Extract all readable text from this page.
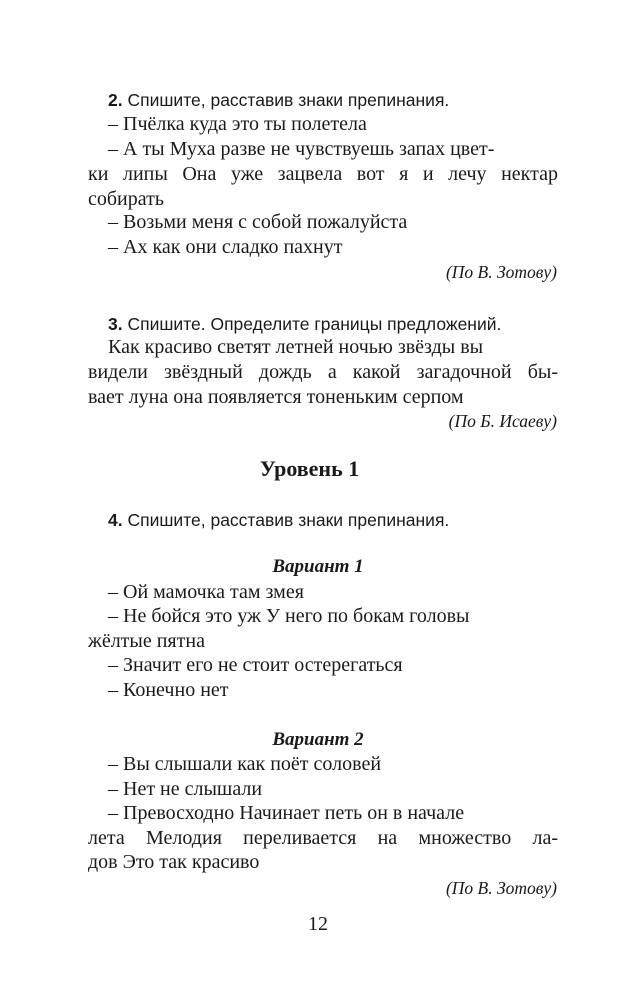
2. Спишите, расставив знаки препинания.
– Пчёлка куда это ты полетела
– А ты Муха разве не чувствуешь запах цвет-
ки липы Она уже зацвела вот я и лечу нектар
собирать
– Возьми меня с собой пожалуйста
– Ах как они сладко пахнут
(По В. Зотову)
3. Спишите. Определите границы предложений.
Как красиво светят летней ночью звёзды вы
видели звёздный дождь а какой загадочной бы-
вает луна она появляется тоненьким серпом
(По Б. Исаеву)
Уровень 1
4. Спишите, расставив знаки препинания.
Вариант 1
– Ой мамочка там змея
– Не бойся это уж У него по бокам головы
жёлтые пятна
– Значит его не стоит остерегаться
– Конечно нет
Вариант 2
– Вы слышали как поёт соловей
– Нет не слышали
– Превосходно Начинает петь он в начале
лета Мелодия переливается на множество ла-
дов Это так красиво
(По В. Зотову)
12
